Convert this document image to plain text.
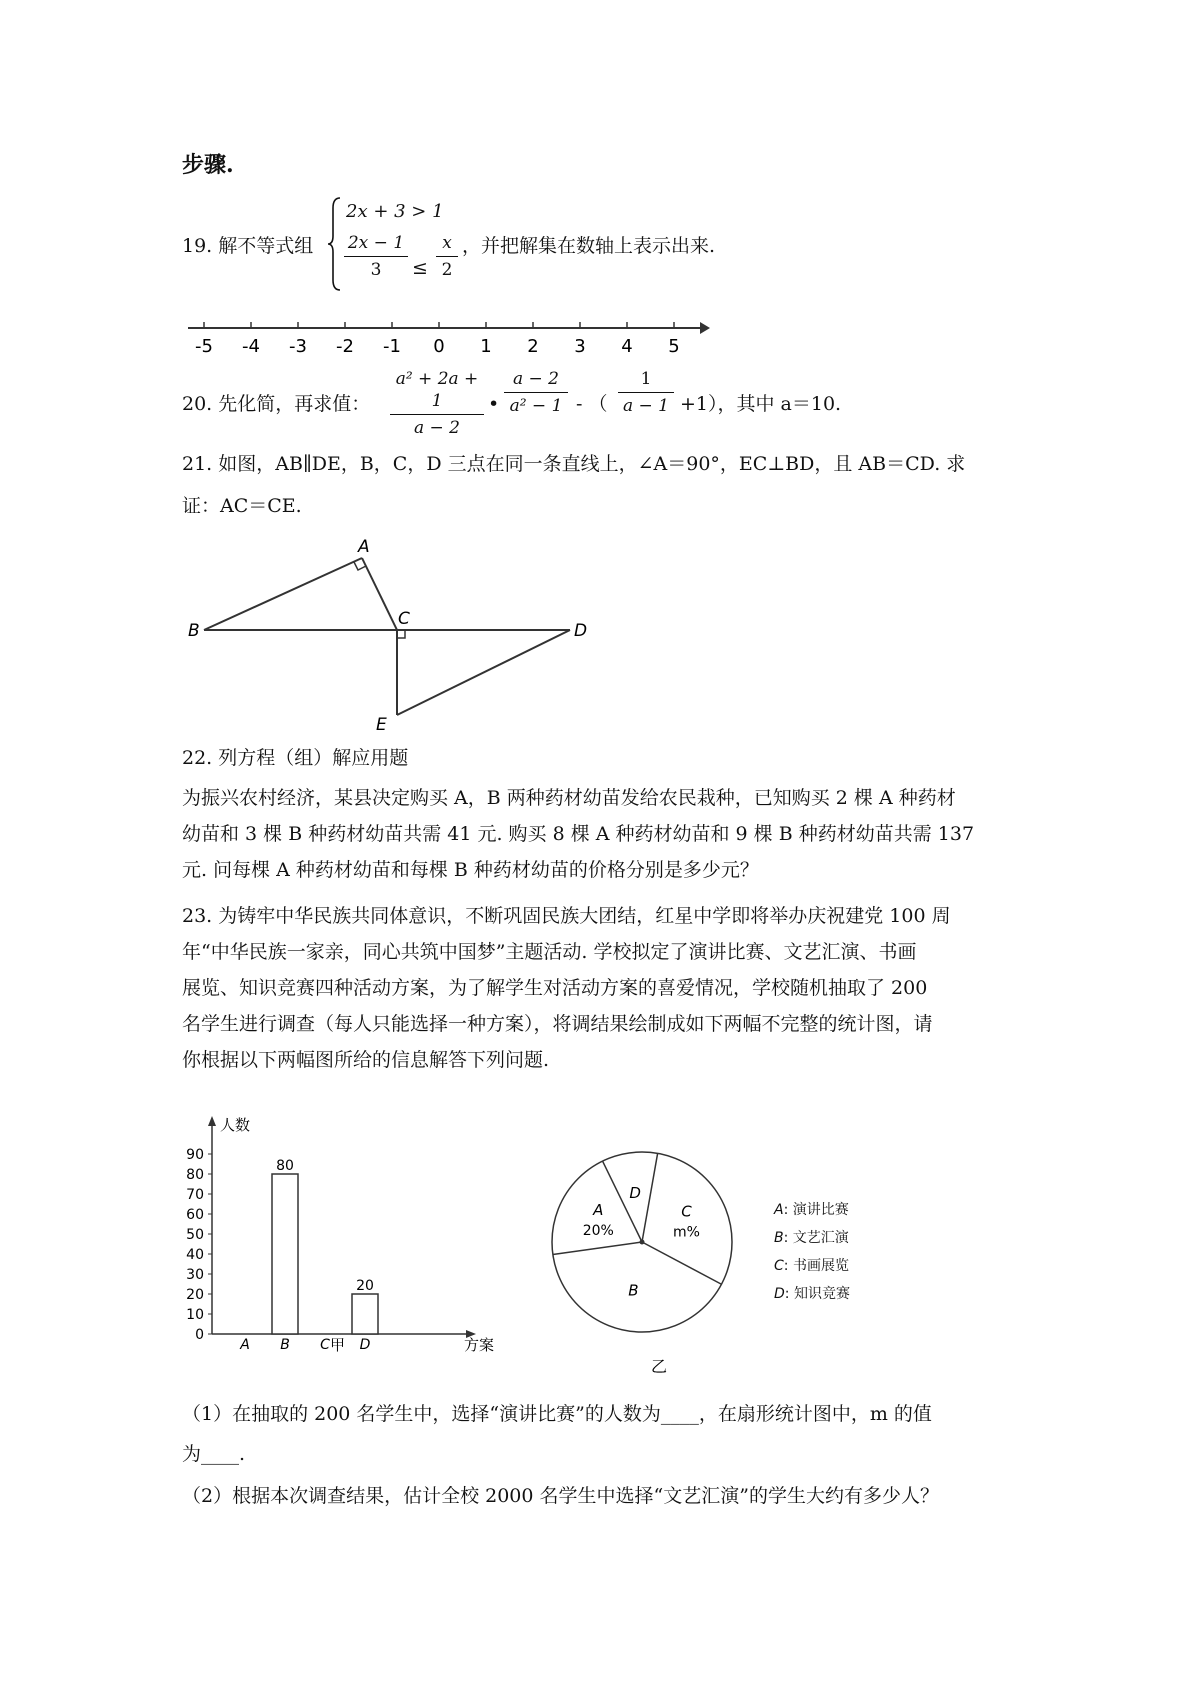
步骤.
19. 解不等式组
2x + 3 > 1
2x − 1
3	≤
x
2
，并把解集在数轴上表示出来.
-5 -4 -3 -2 -1 0 1 2 3 4 5
20. 先化简，再求值：
a² + 2a + 1
a − 2
•
a − 2
a² − 1 - （
1
a − 1 +1），其中 a＝10.
21. 如图，AB∥DE，B，C，D 三点在同一条直线上，∠A＝90°，EC⊥BD，且 AB＝CD. 求
证：AC＝CE.
A
B
C
D
E
22. 列方程（组）解应用题
为振兴农村经济，某县决定购买 A，B 两种药材幼苗发给农民栽种，已知购买 2 棵 A 种药材
幼苗和 3 棵 B 种药材幼苗共需 41 元. 购买 8 棵 A 种药材幼苗和 9 棵 B 种药材幼苗共需 137
元. 问每棵 A 种药材幼苗和每棵 B 种药材幼苗的价格分别是多少元？
23. 为铸牢中华民族共同体意识，不断巩固民族大团结，红星中学即将举办庆祝建党 100 周
年“中华民族一家亲，同心共筑中国梦”主题活动. 学校拟定了演讲比赛、文艺汇演、书画
展览、知识竞赛四种活动方案，为了解学生对活动方案的喜爱情况，学校随机抽取了 200
名学生进行调查（每人只能选择一种方案），将调结果绘制成如下两幅不完整的统计图，请
你根据以下两幅图所给的信息解答下列问题.
人数
方案
甲
0
10
20
30
40
50
60
70
80
90
A B C D
80
20
C
m%
B
A
20%
D
乙
A: 演讲比赛
B: 文艺汇演
C: 书画展览
D: 知识竞赛
（1）在抽取的 200 名学生中，选择“演讲比赛”的人数为____，在扇形统计图中，m 的值
为____.
（2）根据本次调查结果，估计全校 2000 名学生中选择“文艺汇演”的学生大约有多少人？
